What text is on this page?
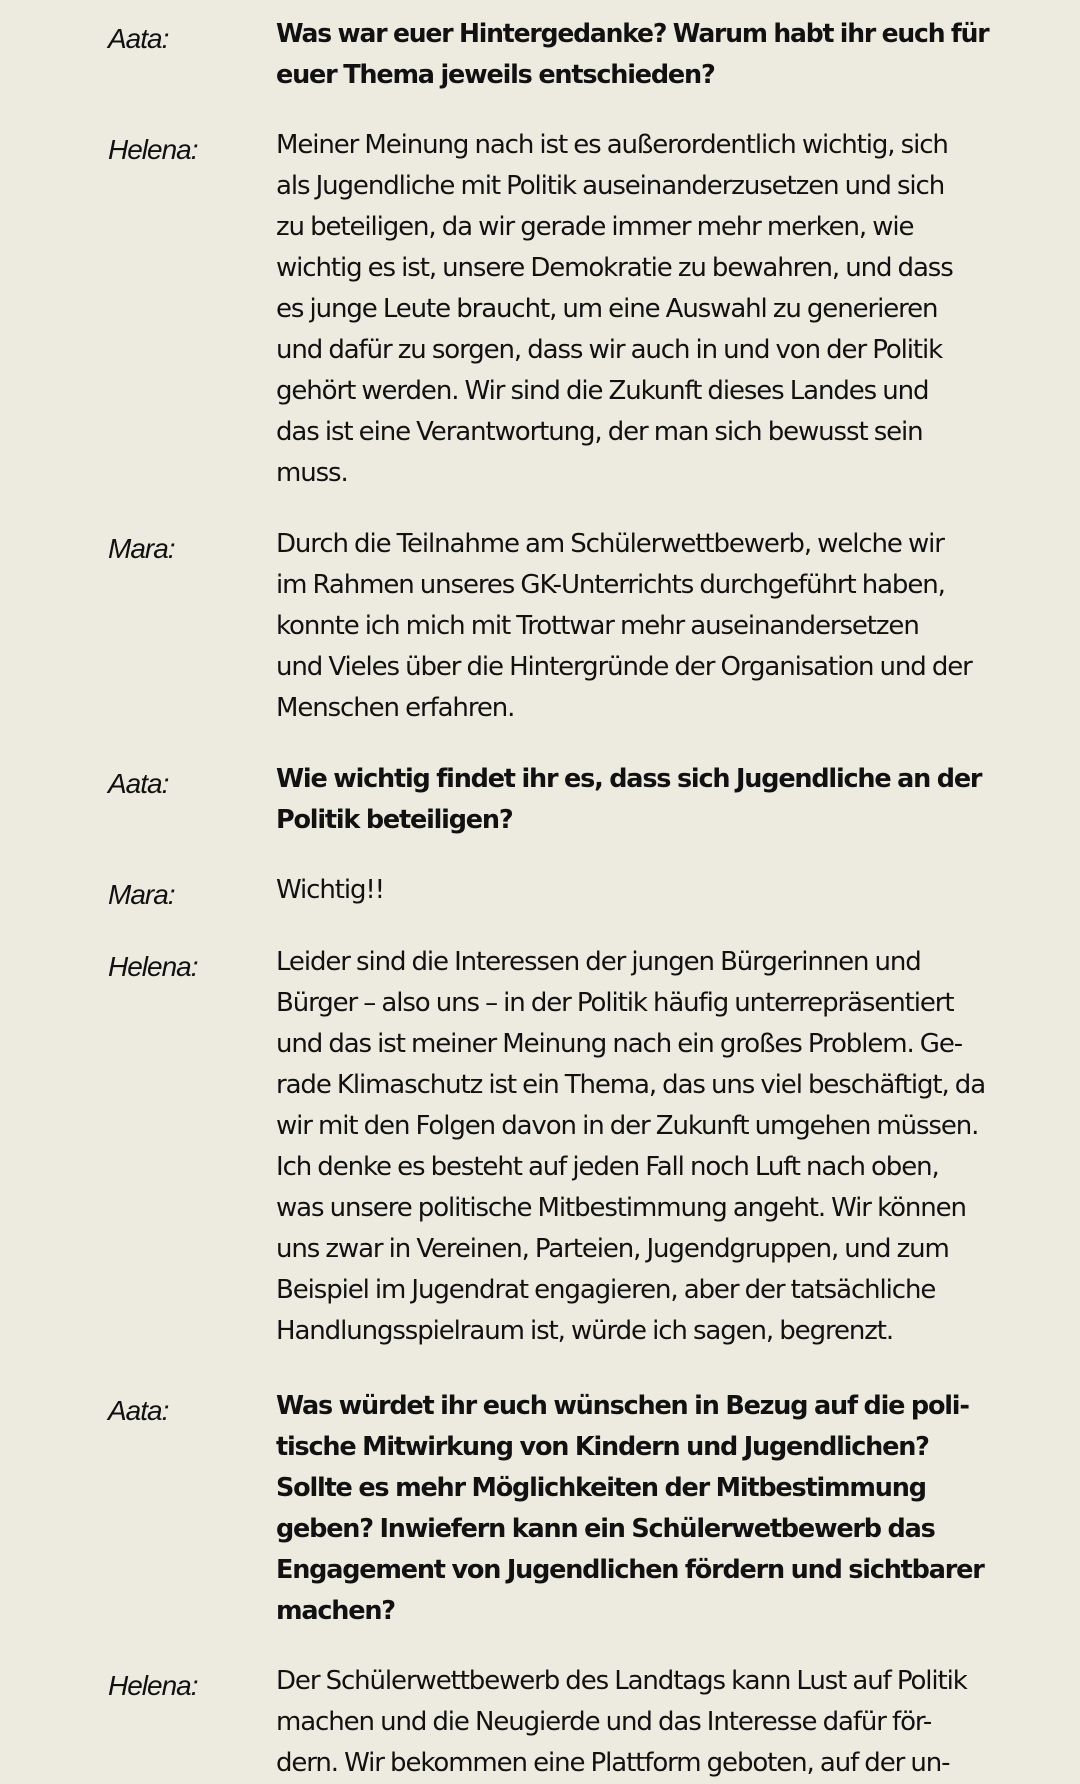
Aata:	Was war euer Hintergedanke? Warum habt ihr euch für
euer Thema jeweils entschieden?
Helena:	Meiner Meinung nach ist es außerordentlich wichtig, sich
als Jugendliche mit Politik auseinanderzusetzen und sich
zu beteiligen, da wir gerade immer mehr merken, wie
wichtig es ist, unsere Demokratie zu bewahren, und dass
es junge Leute braucht, um eine Auswahl zu generieren
und dafür zu sorgen, dass wir auch in und von der Politik
gehört werden. Wir sind die Zukunft dieses Landes und
das ist eine Verantwortung, der man sich bewusst sein
muss.
Mara:	Durch die Teilnahme am Schülerwettbewerb, welche wir
im Rahmen unseres GK-Unterrichts durchgeführt haben,
konnte ich mich mit Trottwar mehr auseinandersetzen
und Vieles über die Hintergründe der Organisation und der
Menschen erfahren.
Aata:	Wie wichtig findet ihr es, dass sich Jugendliche an der
Politik beteiligen?
Mara:	Wichtig!!
Helena:	Leider sind die Interessen der jungen Bürgerinnen und
Bürger – also uns – in der Politik häufig unterrepräsentiert
und das ist meiner Meinung nach ein großes Problem. Ge-
rade Klimaschutz ist ein Thema, das uns viel beschäftigt, da
wir mit den Folgen davon in der Zukunft umgehen müssen.
Ich denke es besteht auf jeden Fall noch Luft nach oben,
was unsere politische Mitbestimmung angeht. Wir können
uns zwar in Vereinen, Parteien, Jugendgruppen, und zum
Beispiel im Jugendrat engagieren, aber der tatsächliche
Handlungsspielraum ist, würde ich sagen, begrenzt.
Aata:	Was würdet ihr euch wünschen in Bezug auf die poli-
tische Mitwirkung von Kindern und Jugendlichen?
Sollte es mehr Möglichkeiten der Mitbestimmung
geben? Inwiefern kann ein Schülerwetbewerb das
Engagement von Jugendlichen fördern und sichtbarer
machen?
Helena:	Der Schülerwettbewerb des Landtags kann Lust auf Politik
machen und die Neugierde und das Interesse dafür för-
dern. Wir bekommen eine Plattform geboten, auf der un-
